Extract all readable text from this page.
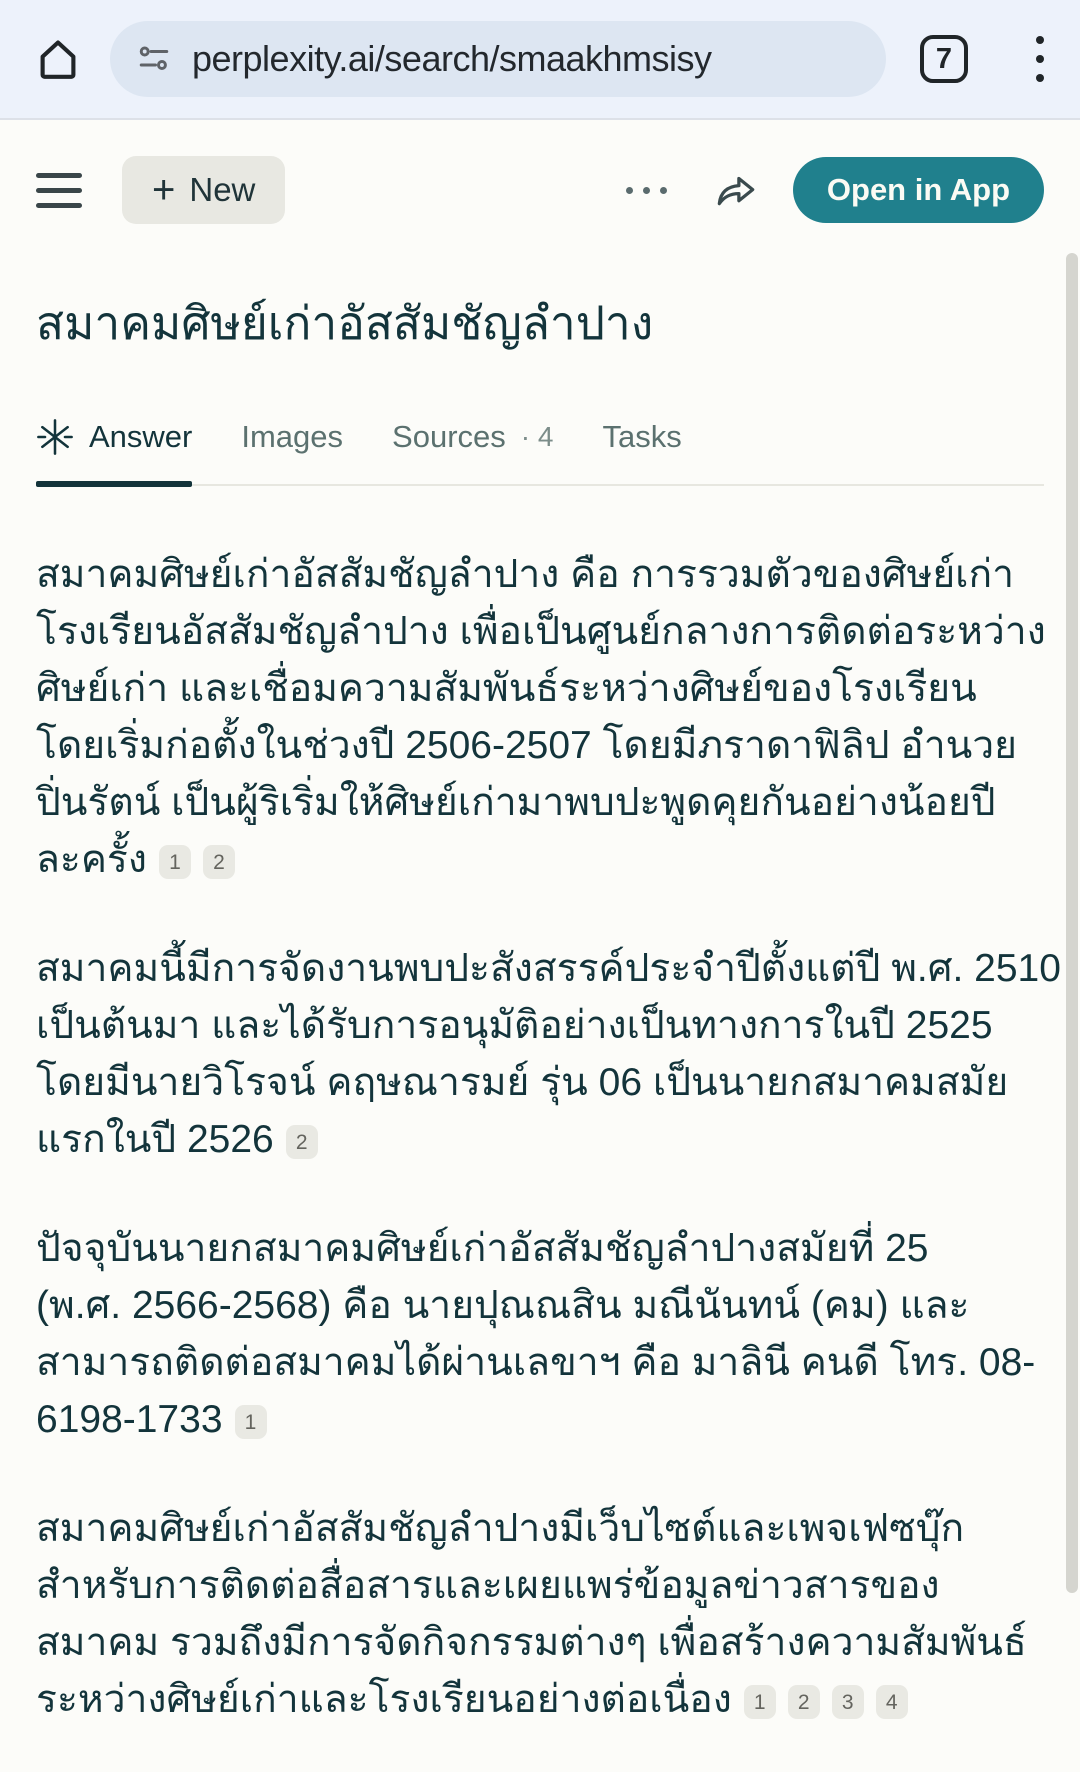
perplexity.ai/search/smaakhmsisy	7
+ New	Open in App
สมาคมศิษย์เก่าอัสสัมชัญลำปาง
Answer Images Sources · 4 Tasks

สมาคมศิษย์เก่าอัสสัมชัญลำปาง คือ การรวมตัวของศิษย์เก่า
โรงเรียนอัสสัมชัญลำปาง เพื่อเป็นศูนย์กลางการติดต่อระหว่าง
ศิษย์เก่า และเชื่อมความสัมพันธ์ระหว่างศิษย์ของโรงเรียน
โดยเริ่มก่อตั้งในช่วงปี 2506-2507 โดยมีภราดาฟิลิป อำนวย
ปิ่นรัตน์ เป็นผู้ริเริ่มให้ศิษย์เก่ามาพบปะพูดคุยกันอย่างน้อยปี
ละครั้ง 1 2

สมาคมนี้มีการจัดงานพบปะสังสรรค์ประจำปีตั้งแต่ปี พ.ศ. 2510
เป็นต้นมา และได้รับการอนุมัติอย่างเป็นทางการในปี 2525
โดยมีนายวิโรจน์ คฤษณารมย์ รุ่น 06 เป็นนายกสมาคมสมัย
แรกในปี 2526 2

ปัจจุบันนายกสมาคมศิษย์เก่าอัสสัมชัญลำปางสมัยที่ 25
(พ.ศ. 2566-2568) คือ นายปุณณสิน มณีนันทน์ (คม) และ
สามารถติดต่อสมาคมได้ผ่านเลขาฯ คือ มาลินี คนดี โทร. 08-
6198-1733 1

สมาคมศิษย์เก่าอัสสัมชัญลำปางมีเว็บไซต์และเพจเฟซบุ๊ก
สำหรับการติดต่อสื่อสารและเผยแพร่ข้อมูลข่าวสารของ
สมาคม รวมถึงมีการจัดกิจกรรมต่างๆ เพื่อสร้างความสัมพันธ์
ระหว่างศิษย์เก่าและโรงเรียนอย่างต่อเนื่อง 1 2 3 4
